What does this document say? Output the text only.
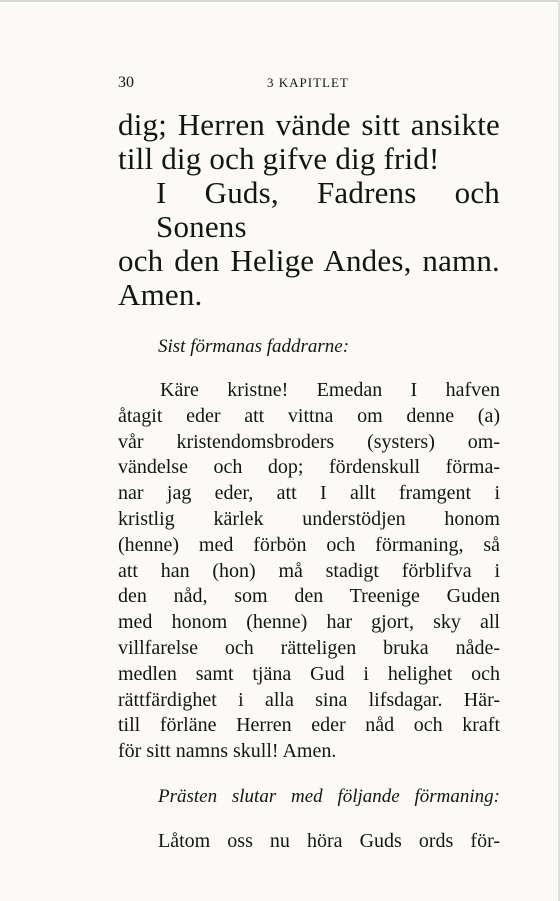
30	3 KAPITLET
dig; Herren vände sitt ansikte
till dig och gifve dig frid!
I Guds, Fadrens och Sonens
och den Helige Andes, namn.
Amen.

Sist förmanas faddrarne:

Käre kristne! Emedan I hafven
åtagit eder att vittna om denne (a)
vår kristendomsbroders (systers) om-
vändelse och dop; fördenskull förma-
nar jag eder, att I allt framgent i
kristlig kärlek understödjen honom
(henne) med förbön och förmaning, så
att han (hon) må stadigt förblifva i
den nåd, som den Treenige Guden
med honom (henne) har gjort, sky all
villfarelse och rätteligen bruka nåde-
medlen samt tjäna Gud i helighet och
rättfärdighet i alla sina lifsdagar. Här-
till förläne Herren eder nåd och kraft
för sitt namns skull! Amen.

Prästen slutar med följande förmaning:

Låtom oss nu höra Guds ords för-
